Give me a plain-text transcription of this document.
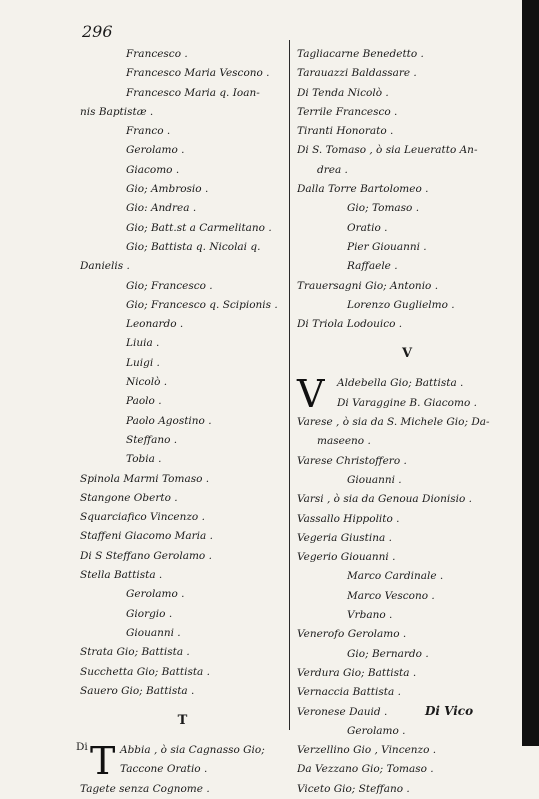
296
Francesco .
Francesco Maria Vescono .
Francesco Maria q. Ioan-
nis Baptistæ .
Franco .
Gerolamo .
Giacomo .
Gio; Ambrosio .
Gio: Andrea .
Gio; Batt.st a Carmelitano .
Gio; Battista q. Nicolai q.
Danielis .
Gio; Francesco .
Gio; Francesco q. Scipionis .
Leonardo .
Liuia .
Luigi .
Nicolò .
Paolo .
Paolo Agostino .
Steffano .
Tobia .
Spinola Marmi Tomaso .
Stangone Oberto .
Squarciafico Vincenzo .
Staffeni Giacomo Maria .
Di S Steffano Gerolamo .
Stella Battista .
Gerolamo .
Giorgio .
Giouanni .
Strata Gio; Battista .
Succhetta Gio; Battista .
Sauero Gio; Battista .
T
Di T Abbia , ò sia Cagnasso Gio;
Taccone Oratio .
Tagete senza Cognome .
Tagliacarne Benedetto .
Tarauazzi Baldassare .
Di Tenda Nicolò .
Terrile Francesco .
Tiranti Honorato .
Di S. Tomaso , ò sia Leueratto An-
drea .
Dalla Torre Bartolomeo .
Gio; Tomaso .
Oratio .
Pier Giouanni .
Raffaele .
Trauersagni Gio; Antonio .
Lorenzo Guglielmo .
Di Triola Lodouico .
V
V	Aldebella Gio; Battista .
Di Varaggine B. Giacomo .
Varese , ò sia da S. Michele Gio; Da-
maseeno .
Varese Christoffero .
Giouanni .
Varsi , ò sia da Genoua Dionisio .
Vassallo Hippolito .
Vegeria Giustina .
Vegerio Giouanni .
Marco Cardinale .
Marco Vescono .
Vrbano .
Venerofo Gerolamo .
Gio; Bernardo .
Verdura Gio; Battista .
Vernaccia Battista .
Veronese Dauid .
Gerolamo .
Verzellino Gio , Vincenzo .
Da Vezzano Gio; Tomaso .
Viceto Gio; Steffano .
Di Vico
